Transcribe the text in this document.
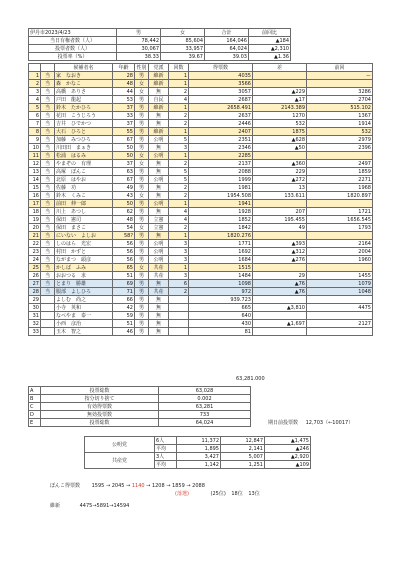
伊丹市2023/4/23	男	女	合計	前回比
当日有権者数（人）	78,442	85,604	164,046	▲184
投票者数（人）	30,067	33,957	64,024	▲2,310
投票率（%）	38.33	39.67	39.03	▲1.36
		候補者名	年齢	性別	党派	回数	得票数	差	前回
1	当	家　なおき	28	男	維新	1	4035		ー
2	当	森　かなこ	48	女	維新	1	3566		
3	当	高橋　ありさ	44	女	無	2	3057	▲229	3286
4	当	戸田　龍起	53	男	自民	4	2687	▲17	2704
5	当	鈴木　たかひろ	37	男	維新	1	2658.491	2143.389	515.102
6	当	花田　こうじろう	33	男	無	2	2637	1270	1367
7	当	吉井　ひでかつ	37	男	無	2	2446	532	1914
8	当	大石　ひろと	55	男	維新	1	2407	1875	532
9	当	加藤　みつひろ	67	男	公明	5	2351	▲628	2979
10	当	川田田　まぁき	50	男	無	3	2346	▲50	2396
11	当	松浦　はるみ	50	女	公明	1	2285		
12	当	やまぞの　有理	37	女	無	2	2137	▲360	2497
13	当	高塚　ぼんこ	63	男	無	5	2088	229	1859
14	当	北原　はやお	67	男	公明	5	1999	▲272	2271
15	当	佐藤　功	49	男	無	2	1981	13	1968
16	当	鈴木　くみこ	43	女	無	2	1954.508	133.611	1820.897
17	当	前田　伸一郎	50	男	公明	1	1941		
18	当	川上　あつし	62	男	無	4	1928	207	1721
19	当	保田　憲司	48	男	立憲	4	1852	195.455	1656.545
20	当	保田　まさこ	54	女	立憲	2	1842	49	1793
21	当	にいない　よしお	58?	男	無	1	1820.276		
22	当	しのはら　光宏	56	男	公明	3	1771	▲393	2164
23	当	村田　かずと	56	男	公明	3	1692	▲312	2004
24	当	ながまつ　頭彦	56	男	公明	3	1684	▲276	1960
25	当	かしば　ふみ	65	女	共産	1	1515		
26	当	おおつる　求	51	男	共産	3	1484	29	1455
27	当	とまり　勝雄	69	男	無	6	1098	▲76	1079
28	当	服部　よしひろ	71	男	共産	2	972	▲76	1048
29		よしむ　尚之	66	男	無		939.723		
30		小寺　英和	42	男	無		665	▲3,810	4475
31		なべやま　泰一	59	男	無		640		
32		小西　彦治	51	男	無		430	▲1,697	2127
33		玉木　智之	46	男	無		81		
63,281.000
A	投票総数	63,028
B	按分切り捨て	0.002
C	有効得票数	63,281
D	無効投票数	733
E	投票総数	64,024	期日前投票数 12,703（←10017）
公明党	6人	11,372	12,847	▲1,475
	平均	1,895	2,141	▲246
共産党	3人	3,427	5,007	▲2,920
	平均	1,142	1,251	▲109
ぽんこ得票数 1595 → 2045 → 1140 → 1208 → 1859 → 2088
(落選)	(25位) 18位 13位
維新	4475→5891→14594
